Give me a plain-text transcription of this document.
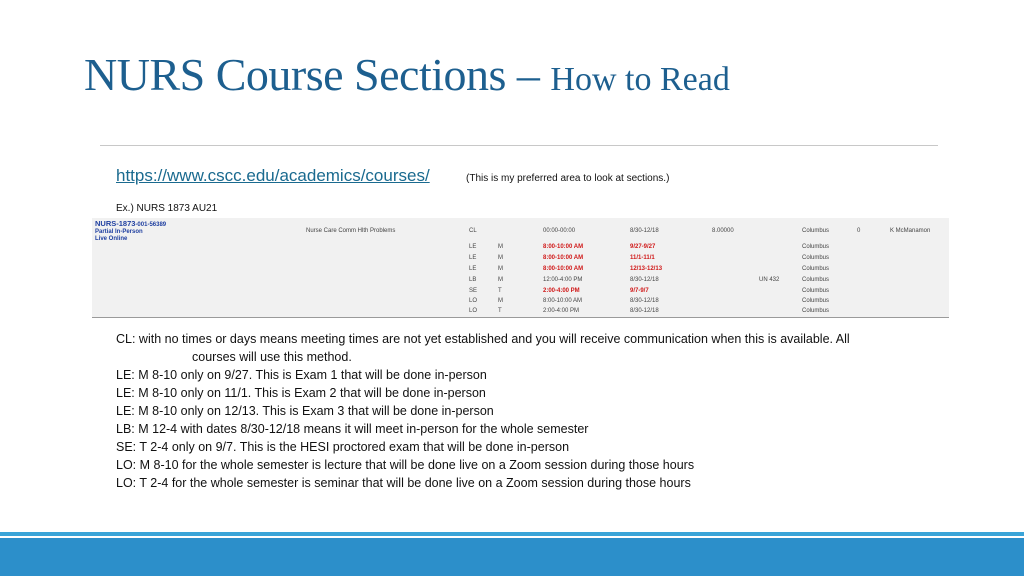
NURS Course Sections – How to Read
https://www.cscc.edu/academics/courses/	(This is my preferred area to look at sections.)
Ex.) NURS 1873 AU21
NURS-1873-001-56389
Partial In-Person
Live Online
Nurse Care Comm Hlth Problems	CL	00:00-00:00	8/30-12/18	8.00000	Columbus	0	K McManamon
LE	M	8:00-10:00 AM	9/27-9/27	Columbus
LE	M	8:00-10:00 AM	11/1-11/1	Columbus
LE	M	8:00-10:00 AM	12/13-12/13	Columbus
LB	M	12:00-4:00 PM	8/30-12/18	UN 432	Columbus
SE	T	2:00-4:00 PM	9/7-9/7	Columbus
LO	M	8:00-10:00 AM	8/30-12/18	Columbus
LO	T	2:00-4:00 PM	8/30-12/18	Columbus
CL: with no times or days means meeting times are not yet established and you will receive communication when this is available. All
courses will use this method.
LE: M 8-10 only on 9/27. This is Exam 1 that will be done in-person
LE: M 8-10 only on 11/1. This is Exam 2 that will be done in-person
LE: M 8-10 only on 12/13. This is Exam 3 that will be done in-person
LB: M 12-4 with dates 8/30-12/18 means it will meet in-person for the whole semester
SE: T 2-4 only on 9/7. This is the HESI proctored exam that will be done in-person
LO: M 8-10 for the whole semester is lecture that will be done live on a Zoom session during those hours
LO: T 2-4 for the whole semester is seminar that will be done live on a Zoom session during those hours
